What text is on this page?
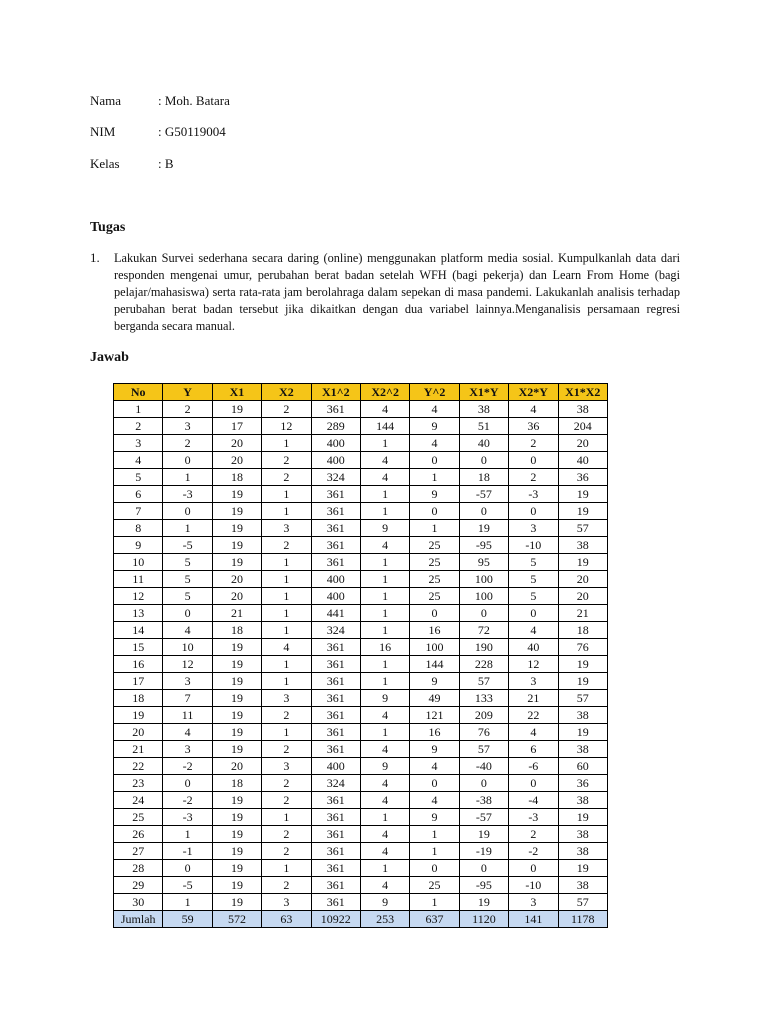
Nama	: Moh. Batara
NIM	: G50119004
Kelas	: B
Tugas
1. Lakukan Survei sederhana secara daring (online) menggunakan platform media sosial. Kumpulkanlah data dari responden mengenai umur, perubahan berat badan setelah WFH (bagi pekerja) dan Learn From Home (bagi pelajar/mahasiswa) serta rata-rata jam berolahraga dalam sepekan di masa pandemi. Lakukanlah analisis terhadap perubahan berat badan tersebut jika dikaitkan dengan dua variabel lainnya.Menganalisis persamaan regresi berganda secara manual.
Jawab
No	Y	X1	X2	X1^2	X2^2	Y^2	X1*Y	X2*Y	X1*X2
1	2	19	2	361	4	4	38	4	38
2	3	17	12	289	144	9	51	36	204
3	2	20	1	400	1	4	40	2	20
4	0	20	2	400	4	0	0	0	40
5	1	18	2	324	4	1	18	2	36
6	-3	19	1	361	1	9	-57	-3	19
7	0	19	1	361	1	0	0	0	19
8	1	19	3	361	9	1	19	3	57
9	-5	19	2	361	4	25	-95	-10	38
10	5	19	1	361	1	25	95	5	19
11	5	20	1	400	1	25	100	5	20
12	5	20	1	400	1	25	100	5	20
13	0	21	1	441	1	0	0	0	21
14	4	18	1	324	1	16	72	4	18
15	10	19	4	361	16	100	190	40	76
16	12	19	1	361	1	144	228	12	19
17	3	19	1	361	1	9	57	3	19
18	7	19	3	361	9	49	133	21	57
19	11	19	2	361	4	121	209	22	38
20	4	19	1	361	1	16	76	4	19
21	3	19	2	361	4	9	57	6	38
22	-2	20	3	400	9	4	-40	-6	60
23	0	18	2	324	4	0	0	0	36
24	-2	19	2	361	4	4	-38	-4	38
25	-3	19	1	361	1	9	-57	-3	19
26	1	19	2	361	4	1	19	2	38
27	-1	19	2	361	4	1	-19	-2	38
28	0	19	1	361	1	0	0	0	19
29	-5	19	2	361	4	25	-95	-10	38
30	1	19	3	361	9	1	19	3	57
Jumlah	59	572	63	10922	253	637	1120	141	1178
